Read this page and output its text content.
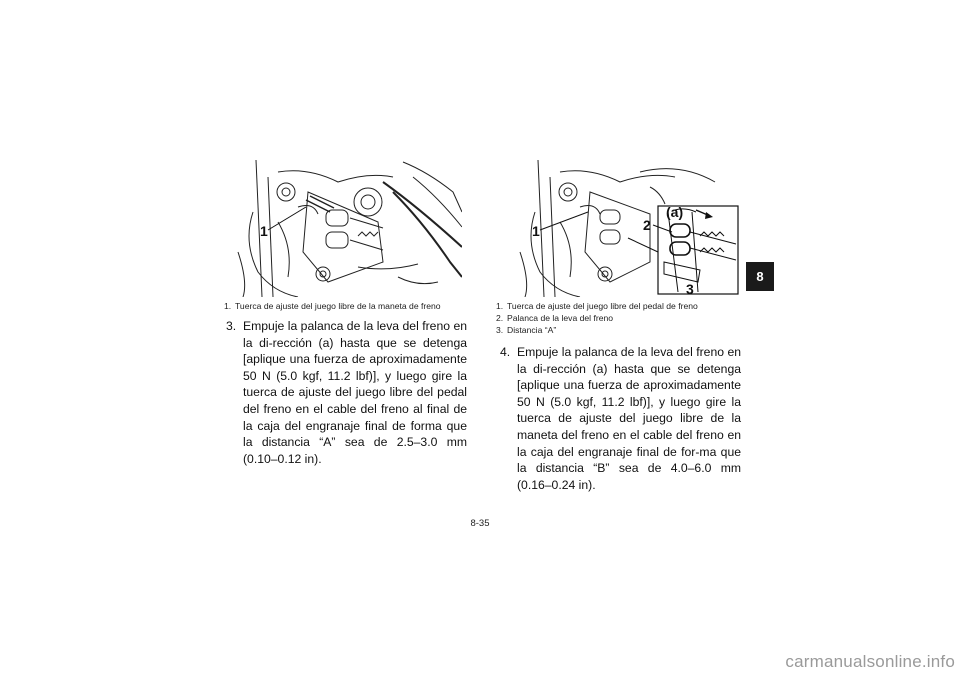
1
(a)
2
3
1
1. Tuerca de ajuste del juego libre de la maneta de freno	1. Tuerca de ajuste del juego libre del pedal de freno
2. Palanca de la leva del freno
3. Distancia “A”
3. Empuje la palanca de la leva del freno en la di-rección (a) hasta que se detenga [aplique una fuerza de aproximadamente 50 N (5.0 kgf, 11.2 lbf)], y luego gire la tuerca de ajuste del juego libre del pedal del freno en el cable del freno al final de la caja del engranaje final de forma que la distancia “A” sea de 2.5–3.0 mm (0.10–0.12 in).
4. Empuje la palanca de la leva del freno en la di-rección (a) hasta que se detenga [aplique una fuerza de aproximadamente 50 N (5.0 kgf, 11.2 lbf)], y luego gire la tuerca de ajuste del juego libre de la maneta del freno en el cable del freno en la caja del engranaje final de for-ma que la distancia “B” sea de 4.0–6.0 mm (0.16–0.24 in).
8
8-35
carmanualsonline.info
